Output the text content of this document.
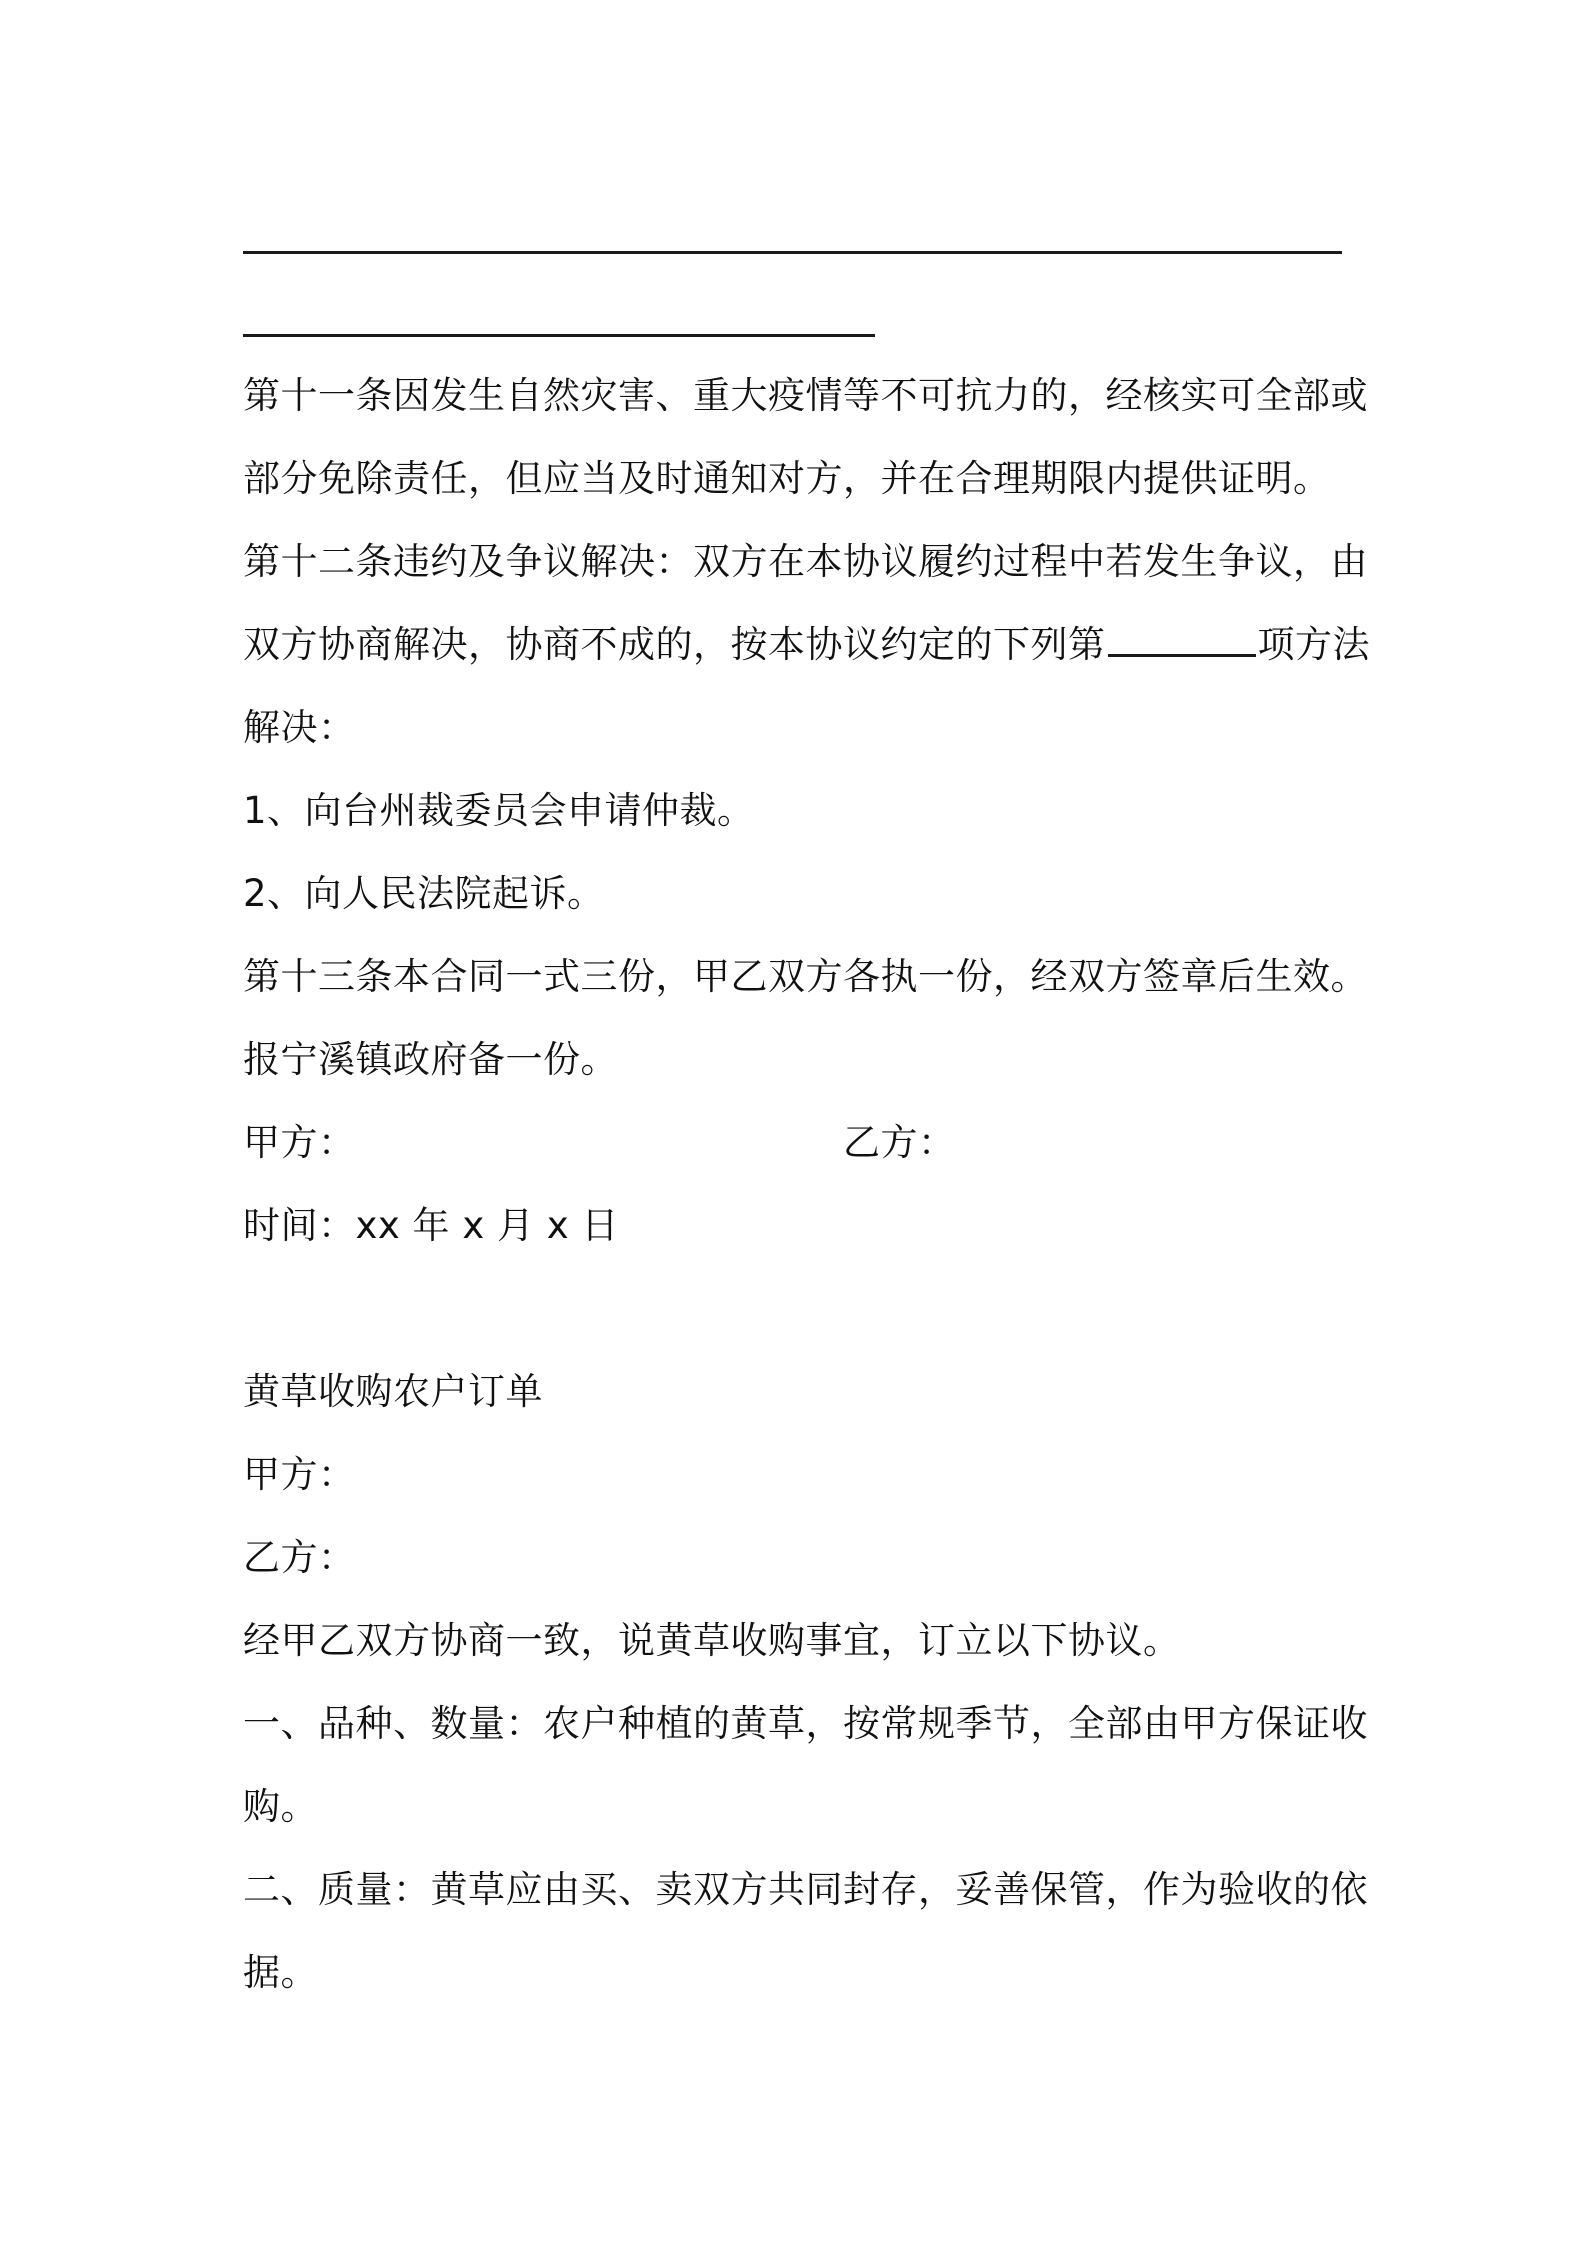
第十一条因发生自然灾害、重大疫情等不可抗力的，经核实可全部或
部分免除责任，但应当及时通知对方，并在合理期限内提供证明。
第十二条违约及争议解决：双方在本协议履约过程中若发生争议，由
双方协商解决，协商不成的，按本协议约定的下列第	项方法
解决：
1、向台州裁委员会申请仲裁。
2、向人民法院起诉。
第十三条本合同一式三份，甲乙双方各执一份，经双方签章后生效。
报宁溪镇政府备一份。
甲方：	乙方：
时间：xx 年 x 月 x 日
黄草收购农户订单
甲方：
乙方：
经甲乙双方协商一致，说黄草收购事宜，订立以下协议。
一、品种、数量：农户种植的黄草，按常规季节，全部由甲方保证收
购。
二、质量：黄草应由买、卖双方共同封存，妥善保管，作为验收的依
据。
